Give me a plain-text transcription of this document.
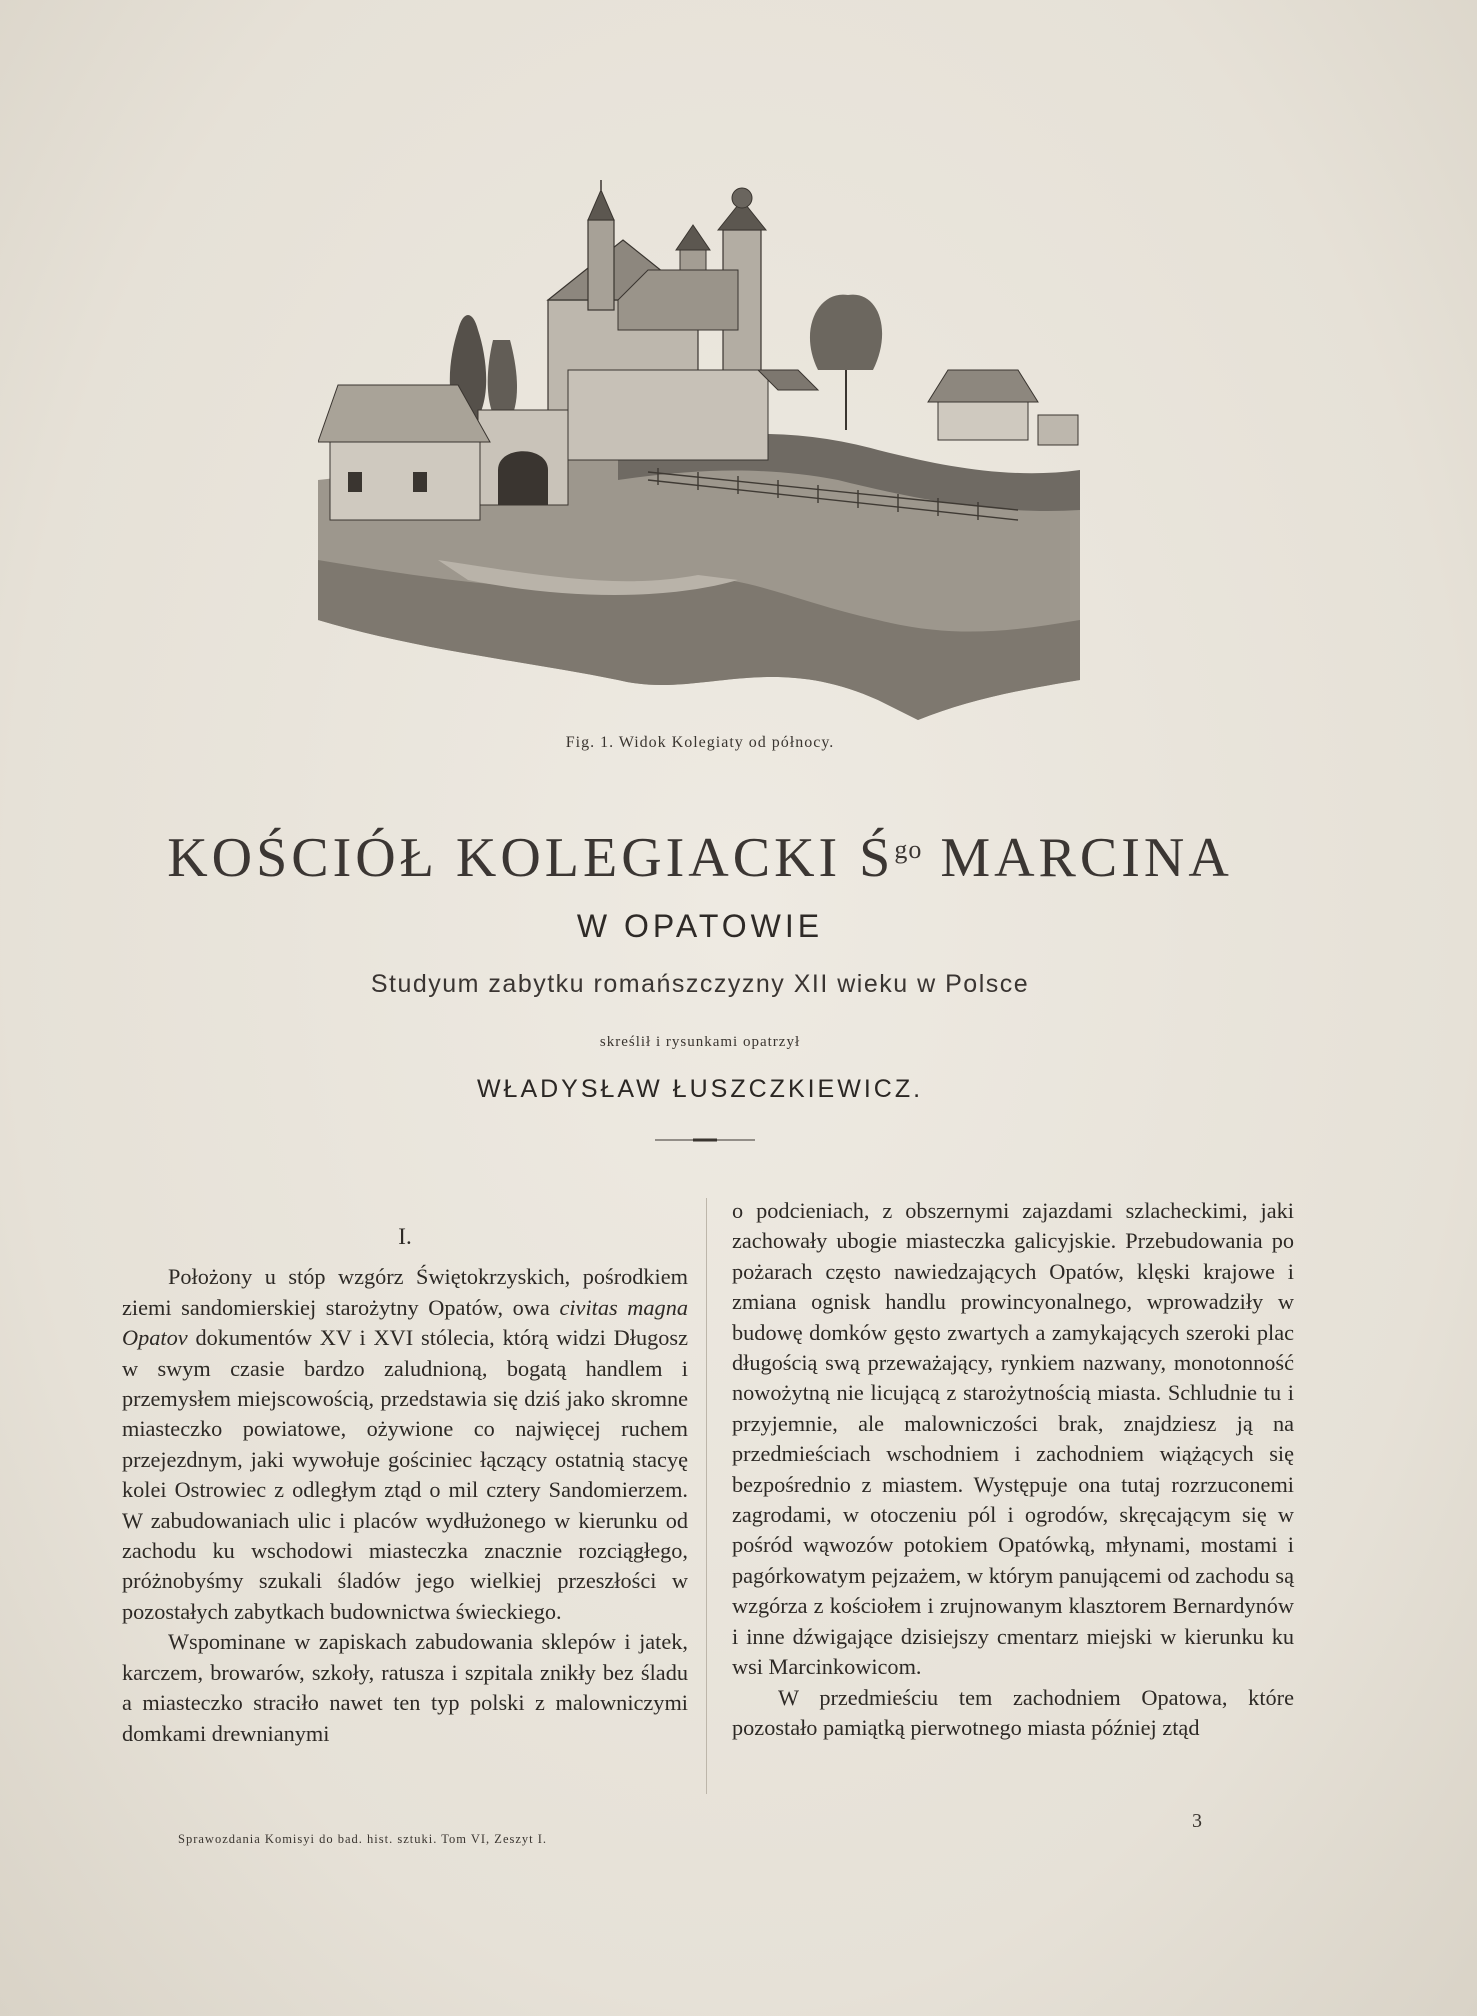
Fig. 1. Widok Kolegiaty od północy.
KOŚCIÓŁ KOLEGIACKI $Ś^{go}$ MARCINA
W OPATOWIE
Studyum zabytku romańszczyzny XII wieku w Polsce
skreślił i rysunkami opatrzył
WŁADYSŁAW ŁUSZCZKIEWICZ.
I.

Położony u stóp wzgórz Świętokrzyskich, pośrodkiem ziemi sandomierskiej starożytny Opatów, owa civitas magna Opatov dokumentów XV i XVI stólecia, którą widzi Długosz w swym czasie bardzo zaludnioną, bogatą handlem i przemysłem miejscowością, przedstawia się dziś jako skromne miasteczko powiatowe, ożywione co najwięcej ruchem przejezdnym, jaki wywołuje gościniec łączący ostatnią stacyę kolei Ostrowiec z odległym ztąd o mil cztery Sandomierzem. W zabudowaniach ulic i placów wydłużonego w kierunku od zachodu ku wschodowi miasteczka znacznie rozciągłego, próżnobyśmy szukali śladów jego wielkiej przeszłości w pozostałych zabytkach budownictwa świeckiego.

Wspominane w zapiskach zabudowania sklepów i jatek, karczem, browarów, szkoły, ratusza i szpitala znikły bez śladu a miasteczko straciło nawet ten typ polski z malowniczymi domkami drewnianymi

o podcieniach, z obszernymi zajazdami szlacheckimi, jaki zachowały ubogie miasteczka galicyjskie. Przebudowania po pożarach często nawiedzających Opatów, klęski krajowe i zmiana ognisk handlu prowincyonalnego, wprowadziły w budowę domków gęsto zwartych a zamykających szeroki plac długością swą przeważający, rynkiem nazwany, monotonność nowożytną nie licującą z starożytnością miasta. Schludnie tu i przyjemnie, ale malowniczości brak, znajdziesz ją na przedmieściach wschodniem i zachodniem wiążących się bezpośrednio z miastem. Występuje ona tutaj rozrzuconemi zagrodami, w otoczeniu pól i ogrodów, skręcającym się w pośród wąwozów potokiem Opatówką, młynami, mostami i pagórkowatym pejzażem, w którym panującemi od zachodu są wzgórza z kościołem i zrujnowanym klasztorem Bernardynów i inne dźwigające dzisiejszy cmentarz miejski w kierunku ku wsi Marcinkowicom.

W przedmieściu tem zachodniem Opatowa, które pozostało pamiątką pierwotnego miasta później ztąd

Sprawozdania Komisyi do bad. hist. sztuki. Tom VI, Zeszyt I.
3
